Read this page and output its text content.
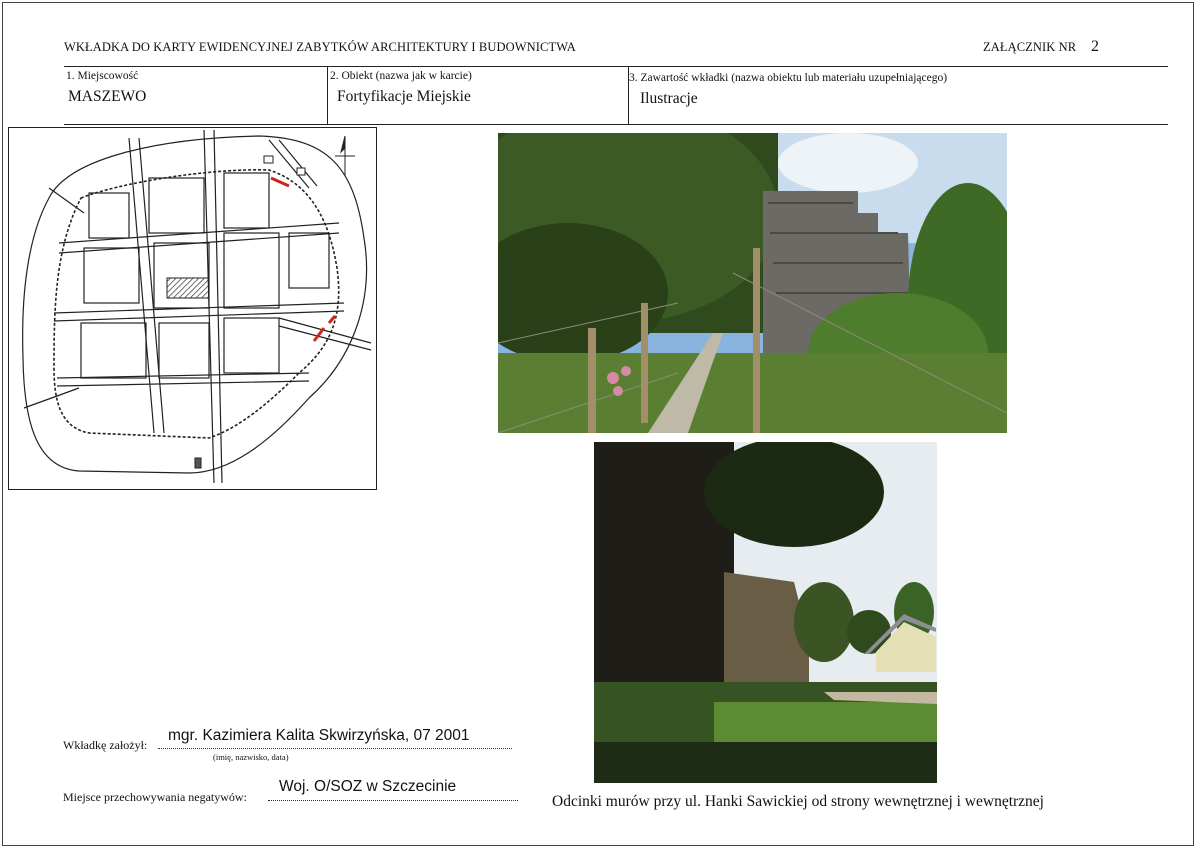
WKŁADKA DO KARTY EWIDENCYJNEJ ZABYTKÓW ARCHITEKTURY I BUDOWNICTWA	ZAŁĄCZNIK NR 2
1. Miejscowość
MASZEWO
2. Obiekt (nazwa jak w karcie)
Fortyfikacje Miejskie
3. Zawartość wkładki (nazwa obiektu lub materiału uzupełniającego)
Ilustracje
Wkładkę założył:
mgr. Kazimiera Kalita Skwirzyńska, 07 2001
(imię, nazwisko, data)
Miejsce przechowywania negatywów:
Woj. O/SOZ w Szczecinie
Odcinki murów przy ul. Hanki Sawickiej od strony wewnętrznej i wewnętrznej
